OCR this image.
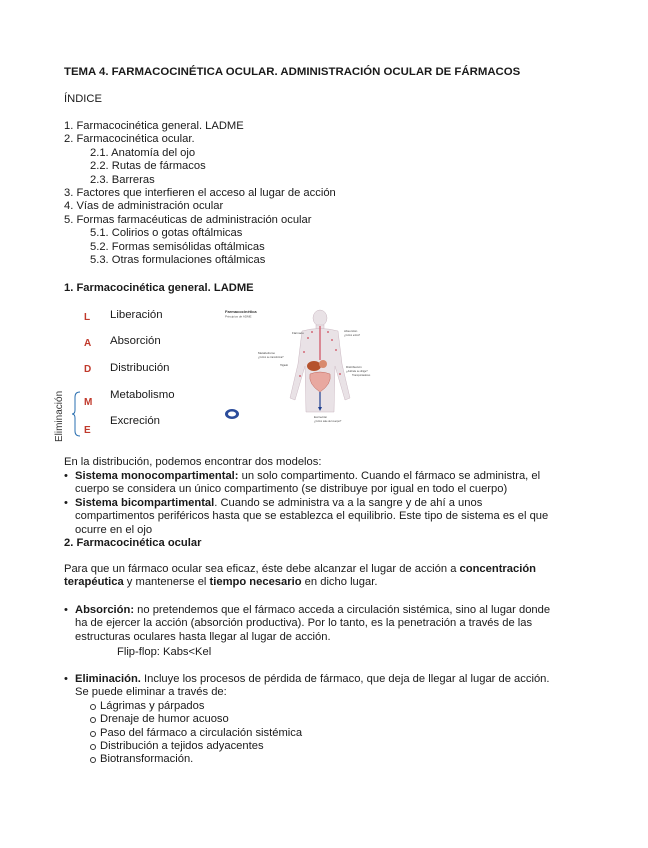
TEMA 4. FARMACOCINÉTICA OCULAR. ADMINISTRACIÓN OCULAR DE FÁRMACOS
ÍNDICE
1. Farmacocinética general. LADME
2. Farmacocinética ocular.
2.1. Anatomía del ojo
2.2. Rutas de fármacos
2.3. Barreras
3. Factores que interfieren el acceso al lugar de acción
4. Vías de administración ocular
5. Formas farmacéuticas de administración ocular
5.1. Colirios o gotas oftálmicas
5.2. Formas semisólidas oftálmicas
5.3. Otras formulaciones oftálmicas
1. Farmacocinética general. LADME
L Liberación
A Absorción
D Distribución
M
Metabolismo
E
Excreción
Eliminación
Farmacocinética
Principios de ADME
Fármaco	Absorción
¿Cómo entra?
Metabolismo
¿Cómo se transforma?
Hígado	Distribución
¿Adónde se dirige?
Transportadores
Excreción
¿Cómo sale del cuerpo?
En la distribución, podemos encontrar dos modelos:
• Sistema monocompartimental: un solo compartimento. Cuando el fármaco se administra, el cuerpo se considera un único compartimento (se distribuye por igual en todo el cuerpo)
• Sistema bicompartimental. Cuando se administra va a la sangre y de ahí a unos compartimentos periféricos hasta que se establezca el equilibrio. Este tipo de sistema es el que ocurre en el ojo
2. Farmacocinética ocular
Para que un fármaco ocular sea eficaz, éste debe alcanzar el lugar de acción a concentración terapéutica y mantenerse el tiempo necesario en dicho lugar.
• Absorción: no pretendemos que el fármaco acceda a circulación sistémica, sino al lugar donde ha de ejercer la acción (absorción productiva). Por lo tanto, es la penetración a través de las estructuras oculares hasta llegar al lugar de acción.
Flip-flop: Kabs<Kel
• Eliminación. Incluye los procesos de pérdida de fármaco, que deja de llegar al lugar de acción. Se puede eliminar a través de:
Lágrimas y párpados
Drenaje de humor acuoso
Paso del fármaco a circulación sistémica
Distribución a tejidos adyacentes
Biotransformación.
